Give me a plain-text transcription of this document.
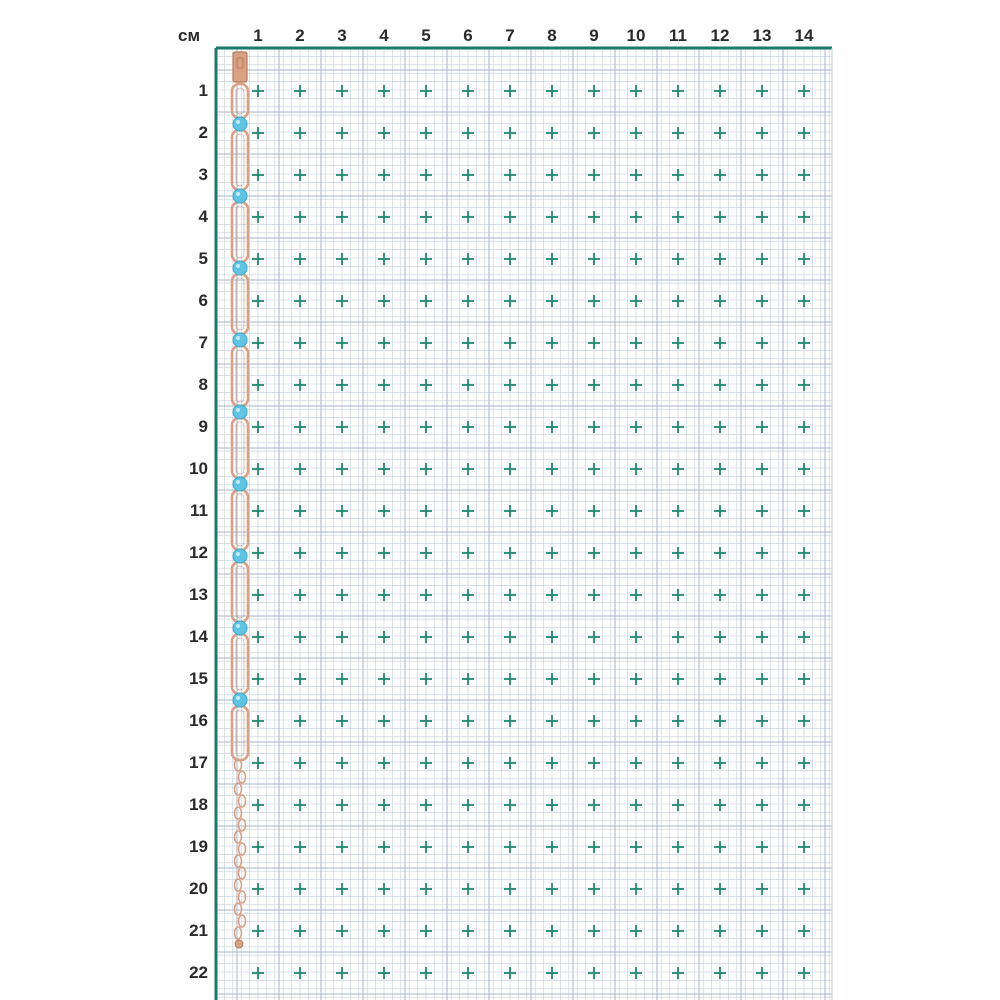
см	1	2	3	4	5	6	7	8	9	10	11	12	13	14
1
2
3
4
5
6
7
8
9
10
11
12
13
14
15
16
17
18
19
20
21
22
